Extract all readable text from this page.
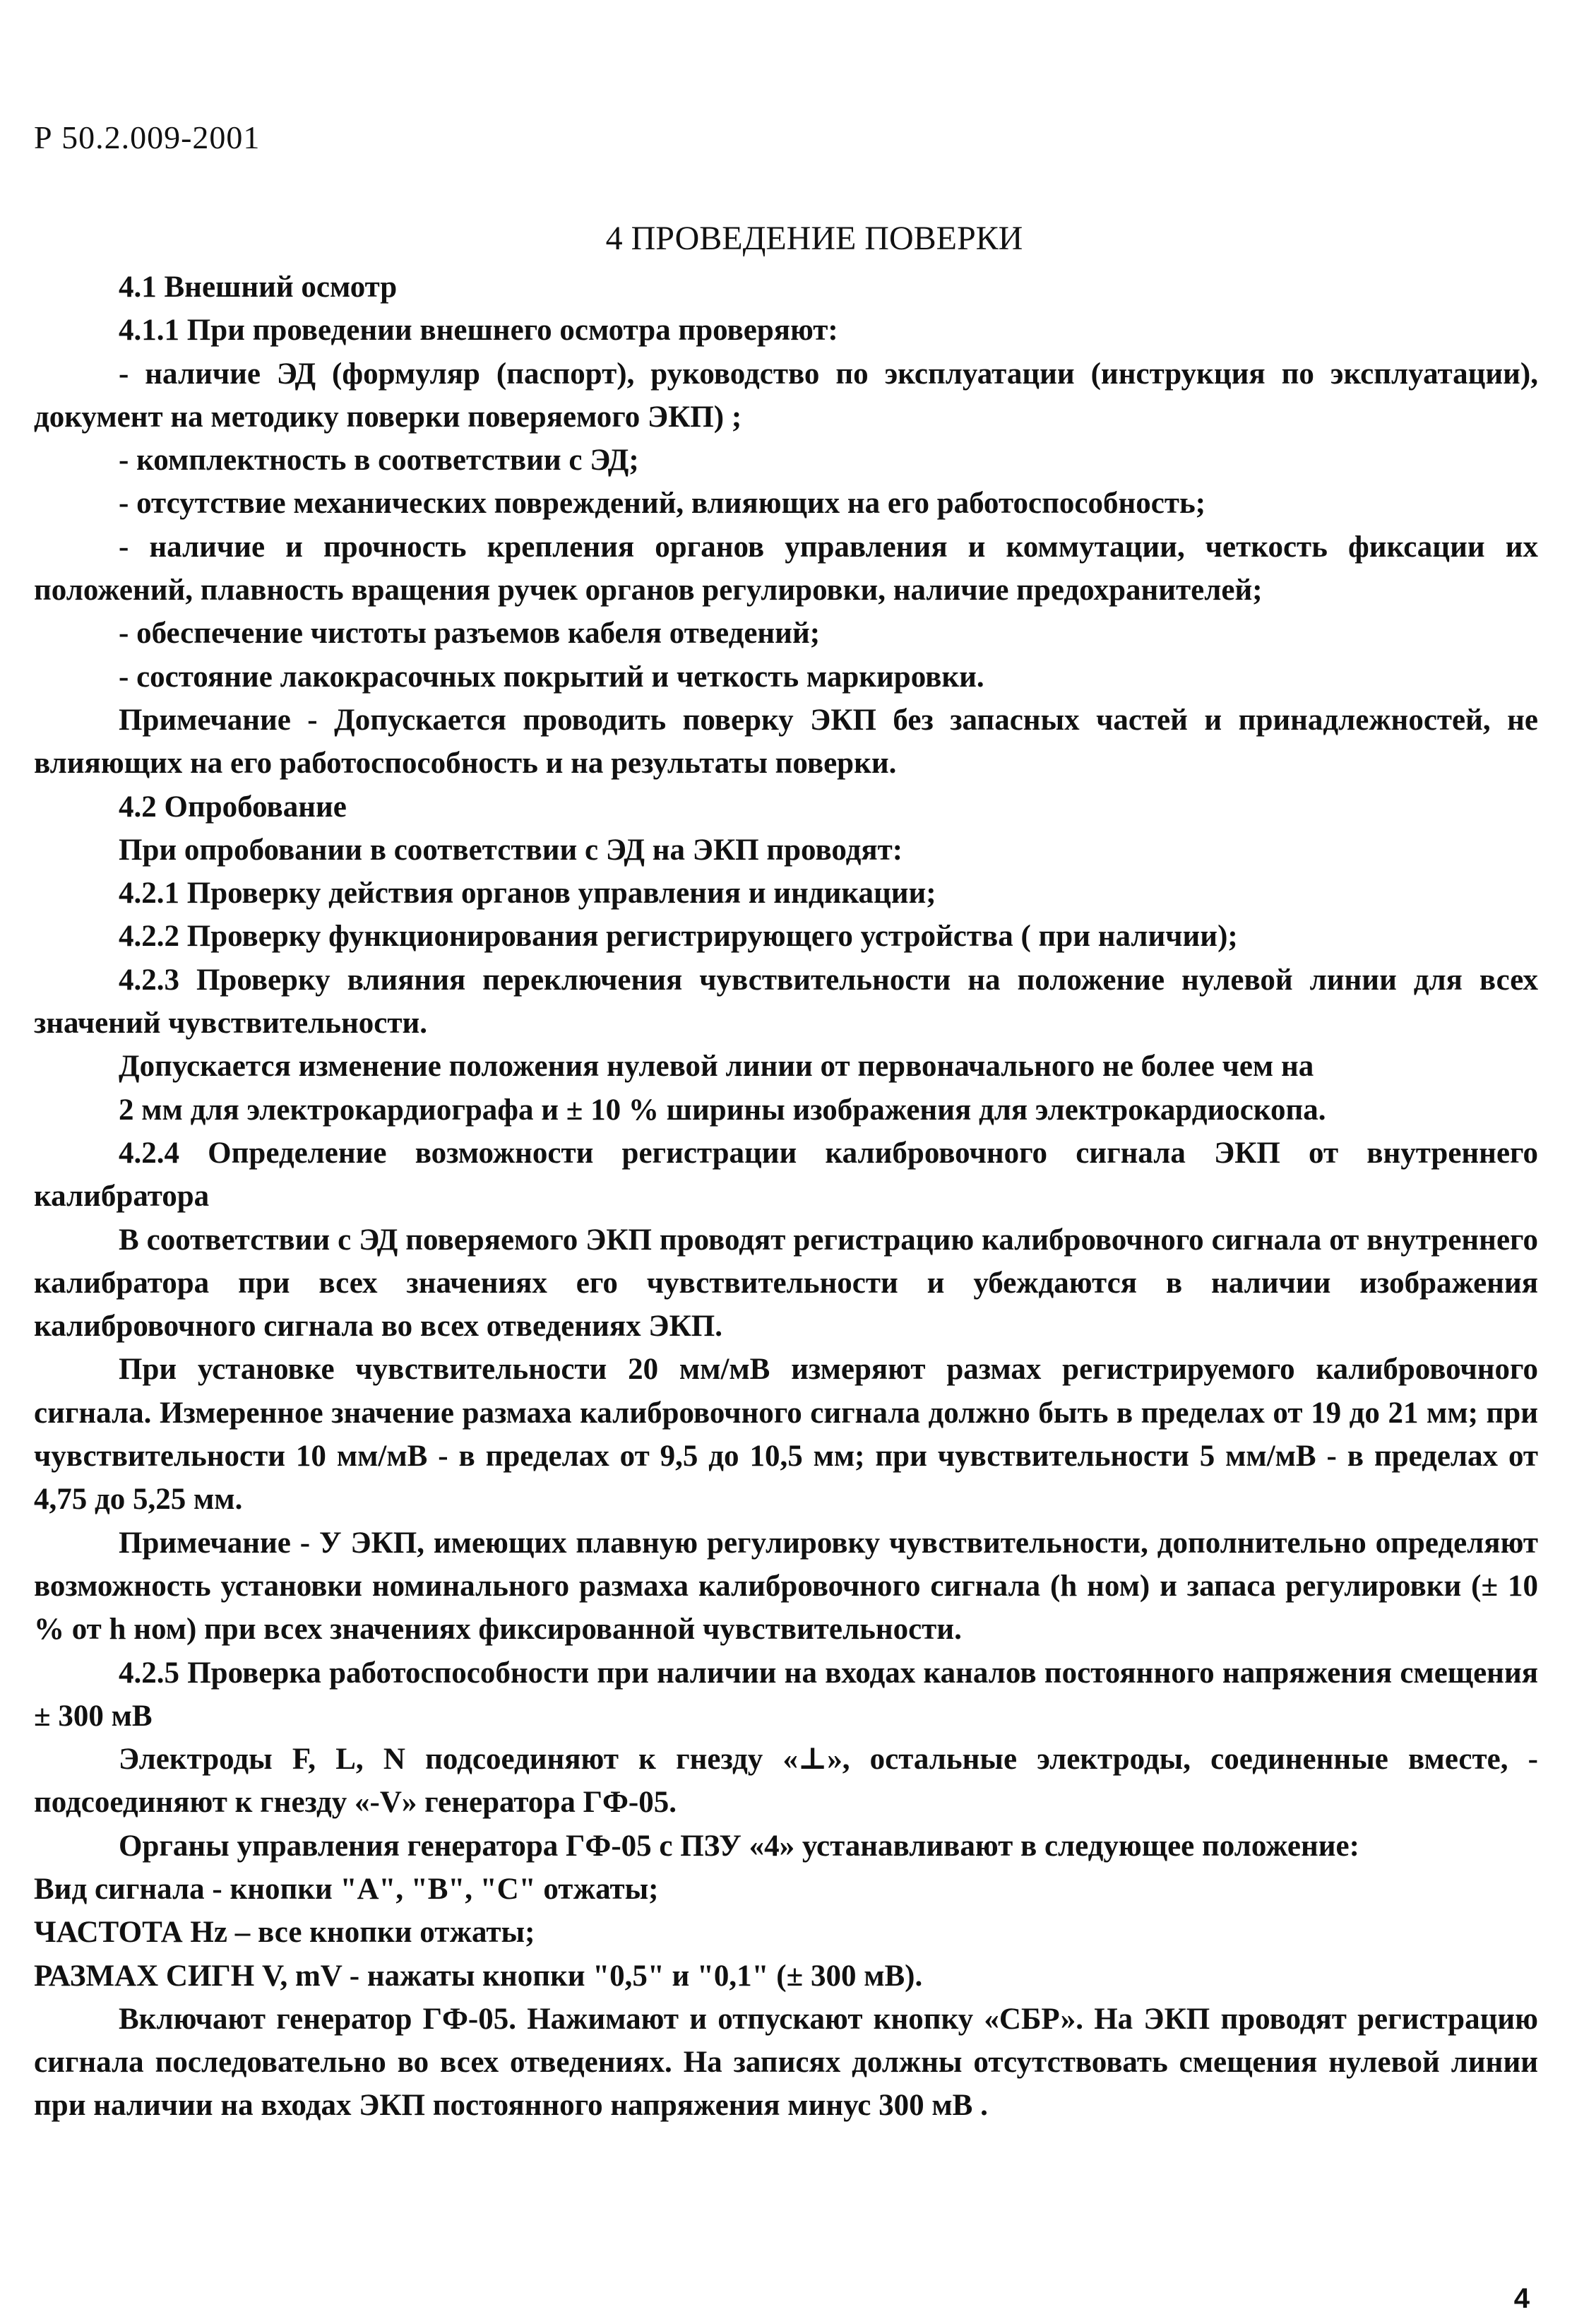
Р 50.2.009-2001
4 ПРОВЕДЕНИЕ ПОВЕРКИ

4.1 Внешний осмотр

4.1.1 При проведении внешнего осмотра проверяют:

- наличие ЭД (формуляр (паспорт), руководство по эксплуатации (инструкция по эксплуатации), документ на методику поверки поверяемого ЭКП) ;

- комплектность в соответствии с ЭД;

- отсутствие механических повреждений, влияющих на его работоспособность;

- наличие и прочность крепления органов управления и коммутации, четкость фиксации их положений, плавность вращения ручек органов регулировки, наличие предохранителей;

- обеспечение чистоты разъемов кабеля отведений;

- состояние лакокрасочных покрытий и четкость маркировки.

Примечание - Допускается проводить поверку ЭКП без запасных частей и принадлежностей, не влияющих на его работоспособность и на результаты поверки.

4.2 Опробование

При опробовании в соответствии с ЭД на ЭКП проводят:

4.2.1 Проверку действия органов управления и индикации;

4.2.2 Проверку функционирования регистрирующего устройства ( при наличии);

4.2.3 Проверку влияния переключения чувствительности на положение нулевой линии для всех значений чувствительности.

Допускается изменение положения нулевой линии от первоначального не более чем на

2 мм для электрокардиографа и ± 10 % ширины изображения для электрокардиоскопа.

4.2.4 Определение возможности регистрации калибровочного сигнала ЭКП от внутреннего калибратора

В соответствии с ЭД поверяемого ЭКП проводят регистрацию калибровочного сигнала от внутреннего калибратора при всех значениях его чувствительности и убеждаются в наличии изображения калибровочного сигнала во всех отведениях ЭКП.

При установке чувствительности 20 мм/мВ измеряют размах регистрируемого калибровочного сигнала. Измеренное значение размаха калибровочного сигнала должно быть в пределах от 19 до 21 мм; при чувствительности 10 мм/мВ - в пределах от 9,5 до 10,5 мм; при чувствительности 5 мм/мВ - в пределах от 4,75 до 5,25 мм.

Примечание - У ЭКП, имеющих плавную регулировку чувствительности, дополнительно определяют возможность установки номинального размаха калибровочного сигнала (h ном) и запаса регулировки (± 10 % от h ном) при всех значениях фиксированной чувствительности.

4.2.5 Проверка работоспособности при наличии на входах каналов постоянного напряжения смещения ± 300 мВ

Электроды F, L, N подсоединяют к гнезду «⊥», остальные электроды, соединенные вместе, - подсоединяют к гнезду «-V» генератора ГФ-05.

Органы управления генератора ГФ-05 с ПЗУ «4» устанавливают в следующее положение:

Вид сигнала - кнопки "А", "В", "С" отжаты;

ЧАСТОТА Hz – все кнопки отжаты;

РАЗМАХ СИГН V, mV - нажаты кнопки "0,5" и "0,1" (± 300 мВ).

Включают генератор ГФ-05. Нажимают и отпускают кнопку «СБР». На ЭКП проводят регистрацию сигнала последовательно во всех отведениях. На записях должны отсутствовать смещения нулевой линии при наличии на входах ЭКП постоянного напряжения минус 300 мВ .

4
